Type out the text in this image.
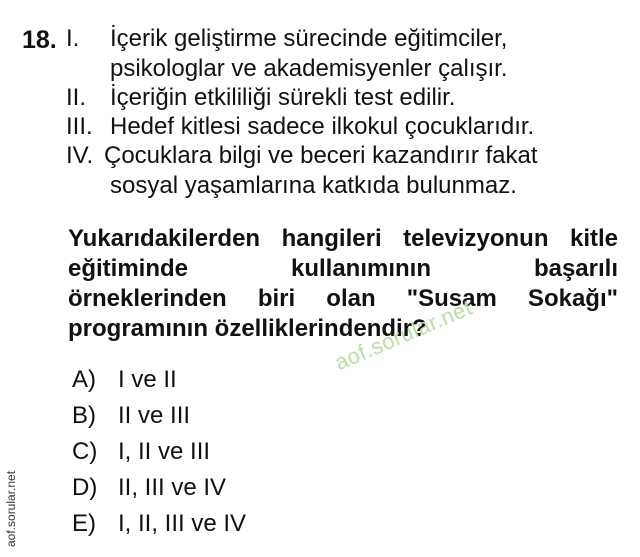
18. I. İçerik geliştirme sürecinde eğitimciler,
psikologlar ve akademisyenler çalışır.
II. İçeriğin etkililiği sürekli test edilir.
III. Hedef kitlesi sadece ilkokul çocuklarıdır.
IV. Çocuklara bilgi ve beceri kazandırır fakat
sosyal yaşamlarına katkıda bulunmaz.
Yukarıdakilerden hangileri televizyonun kitle
eğitiminde kullanımının başarılı
örneklerinden biri olan "Susam Sokağı"
programının özelliklerindendir?
A) I ve II
B) II ve III
C) I, II ve III
D) II, III ve IV
E) I, II, III ve IV
aof.sorular.net
aof.sorular.net
